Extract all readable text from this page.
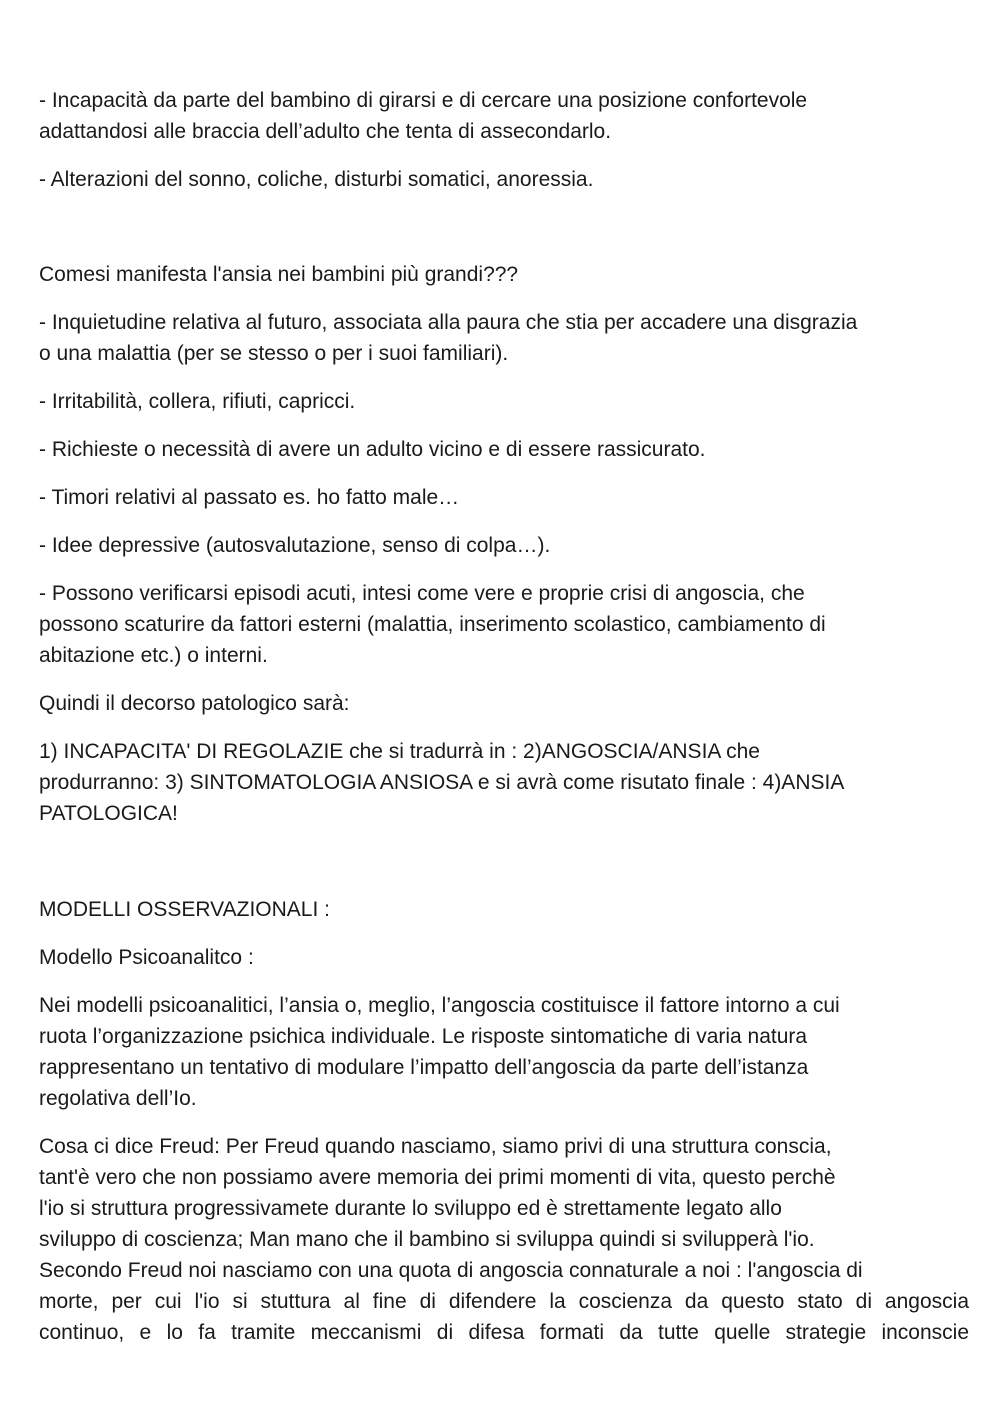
- Incapacità da parte del bambino di girarsi e di cercare una posizione confortevole
adattandosi alle braccia dell’adulto che tenta di assecondarlo.
- Alterazioni del sonno, coliche, disturbi somatici, anoressia.
Comesi manifesta l'ansia nei bambini più grandi???
- Inquietudine relativa al futuro, associata alla paura che stia per accadere una disgrazia
o una malattia (per se stesso o per i suoi familiari).
- Irritabilità, collera, rifiuti, capricci.
- Richieste o necessità di avere un adulto vicino e di essere rassicurato.
- Timori relativi al passato es. ho fatto male…
- Idee depressive (autosvalutazione, senso di colpa…).
- Possono verificarsi episodi acuti, intesi come vere e proprie crisi di angoscia, che
possono scaturire da fattori esterni (malattia, inserimento scolastico, cambiamento di
abitazione etc.) o interni.
Quindi il decorso patologico sarà:
1) INCAPACITA' DI REGOLAZIE che si tradurrà in : 2)ANGOSCIA/ANSIA che
produrranno: 3) SINTOMATOLOGIA ANSIOSA e si avrà come risutato finale : 4)ANSIA
PATOLOGICA!
MODELLI OSSERVAZIONALI :
Modello Psicoanalitco :
Nei modelli psicoanalitici, l’ansia o, meglio, l’angoscia costituisce il fattore intorno a cui
ruota l’organizzazione psichica individuale. Le risposte sintomatiche di varia natura
rappresentano un tentativo di modulare l’impatto dell’angoscia da parte dell’istanza
regolativa dell’Io.
Cosa ci dice Freud: Per Freud quando nasciamo, siamo privi di una struttura conscia,
tant'è vero che non possiamo avere memoria dei primi momenti di vita, questo perchè
l'io si struttura progressivamete durante lo sviluppo ed è strettamente legato allo
sviluppo di coscienza; Man mano che il bambino si sviluppa quindi si svilupperà l'io.
Secondo Freud noi nasciamo con una quota di angoscia connaturale a noi : l'angoscia di
morte, per cui l'io si stuttura al fine di difendere la coscienza da questo stato di angoscia
continuo, e lo fa tramite meccanismi di difesa formati da tutte quelle strategie inconscie
